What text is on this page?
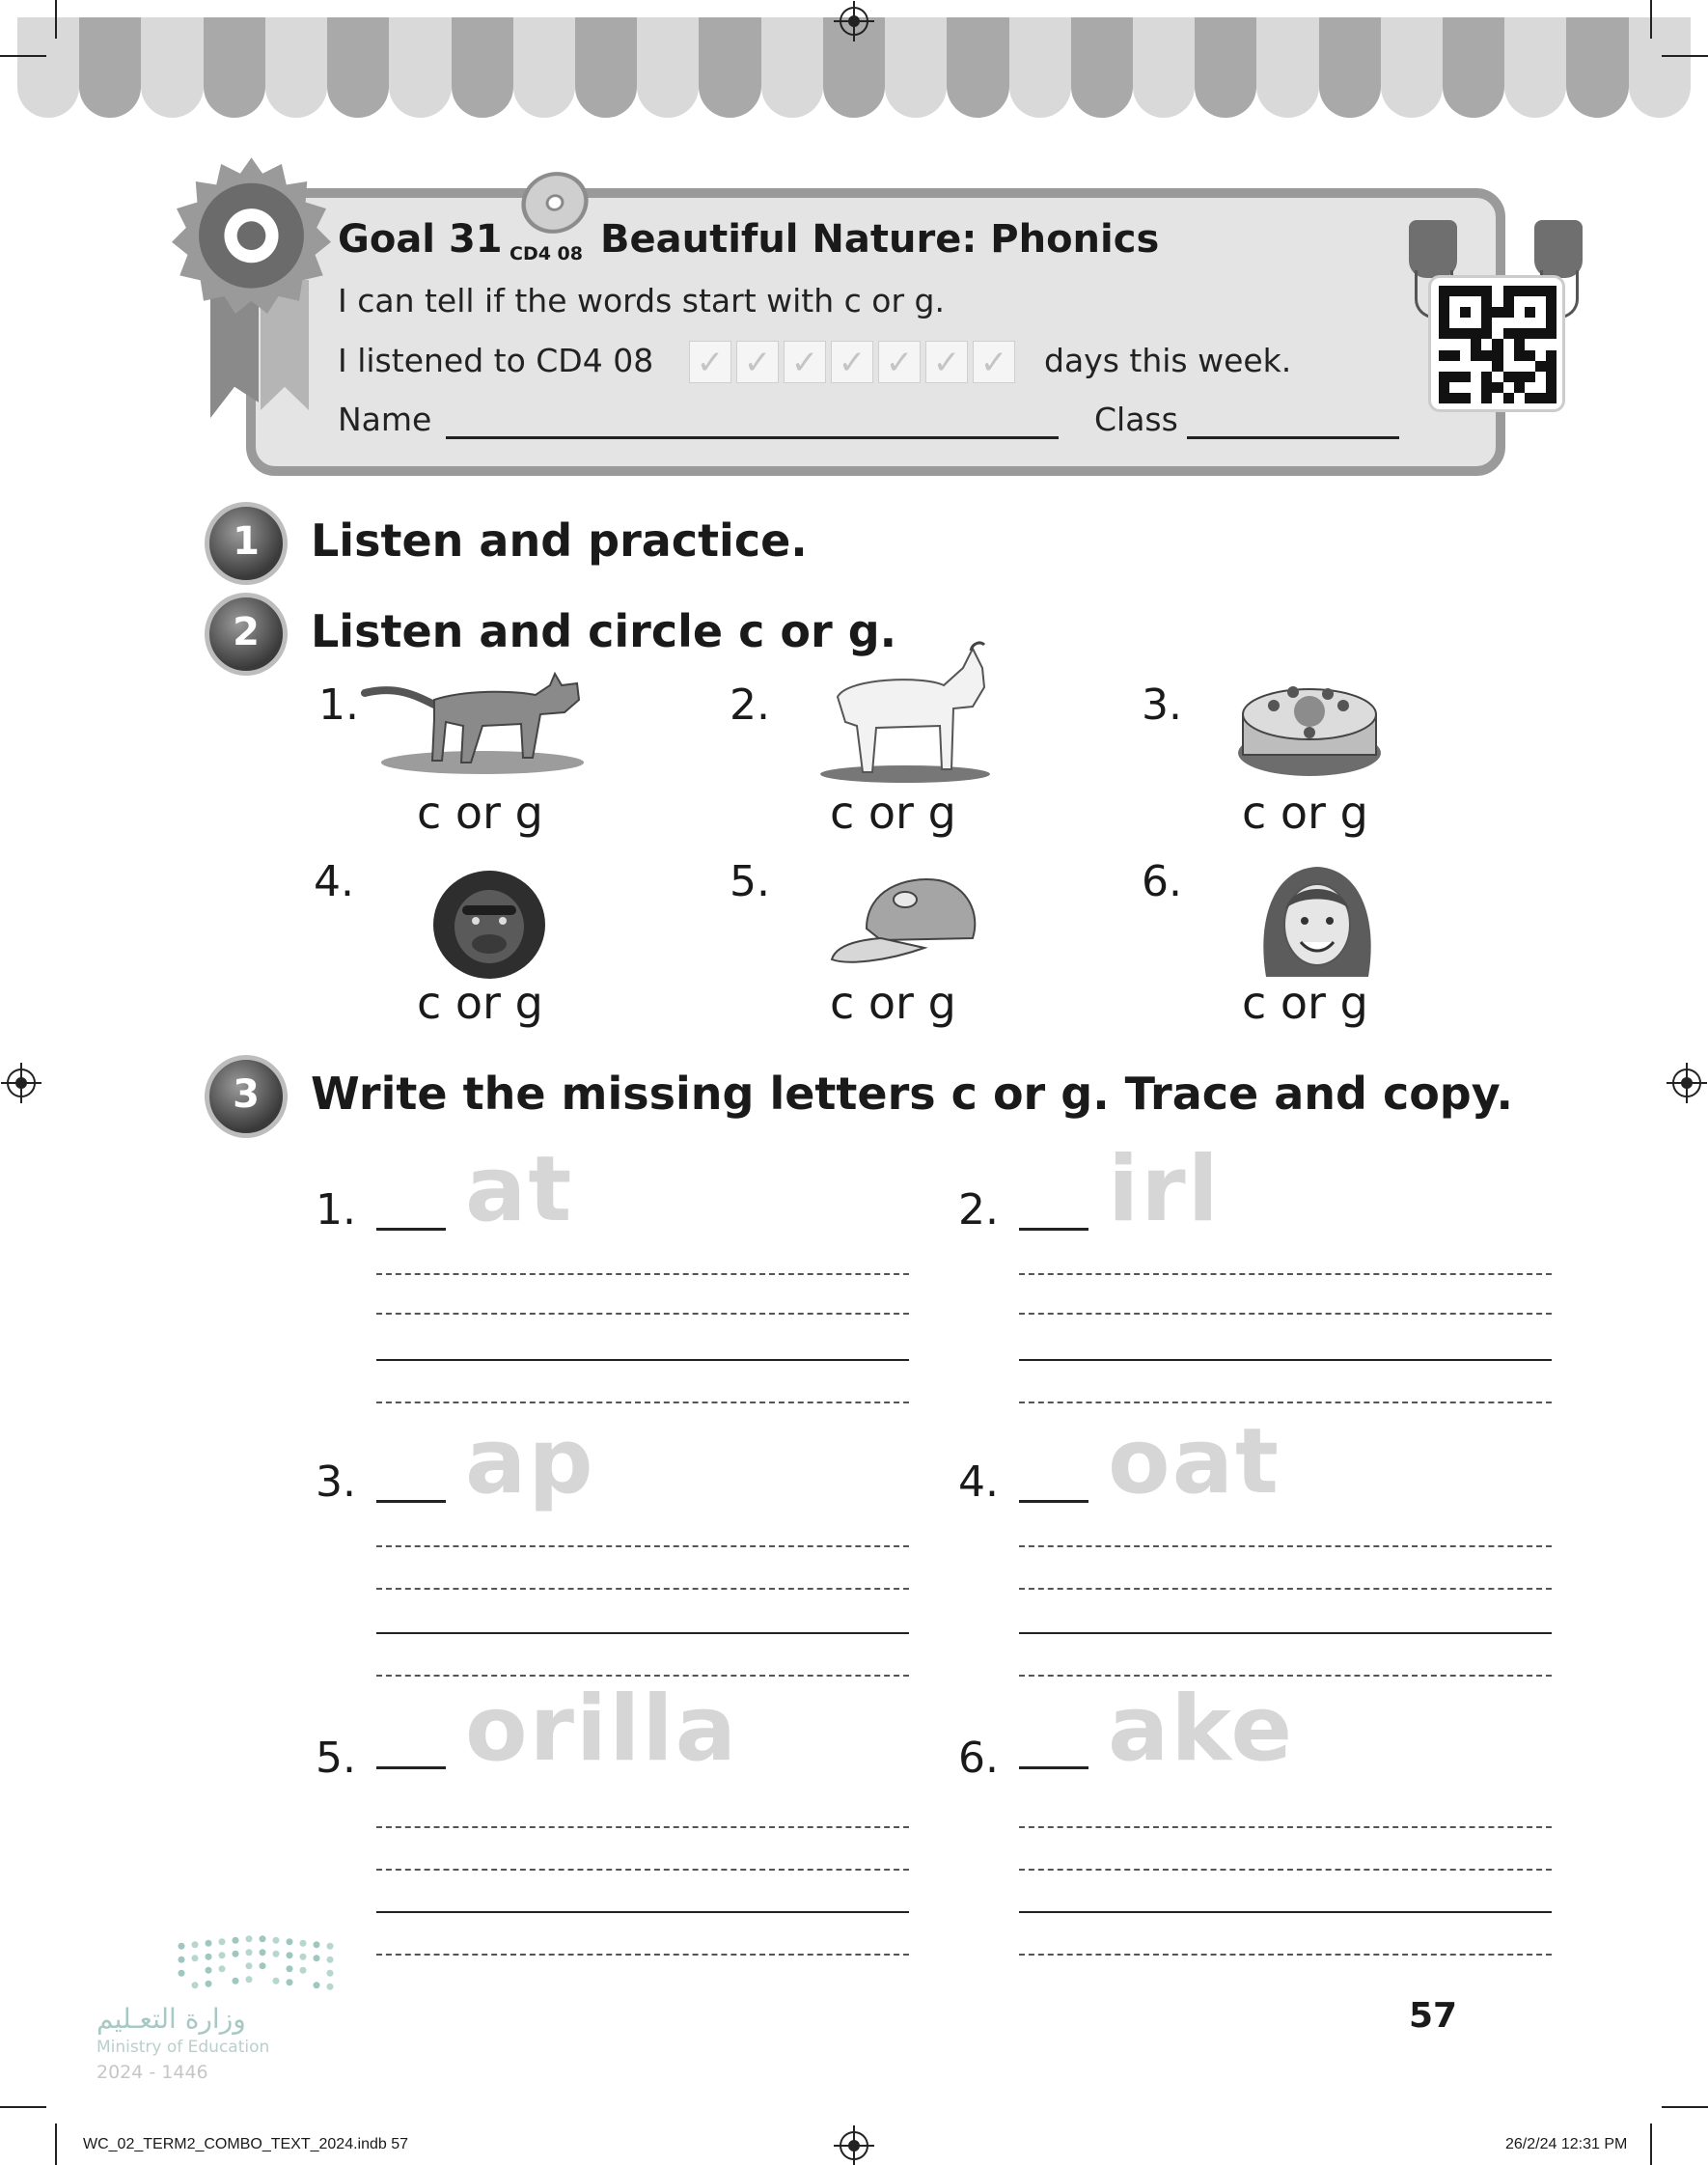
Goal 31 CD4 08 Beautiful Nature: Phonics
I can tell if the words start with c or g.
I listened to CD4 08 ✓ ✓ ✓ ✓ ✓ ✓ ✓ days this week.
Name	Class
1	Listen and practice.
2	Listen and circle c or g.
1.
c or g
2.
c or g
3.
c or g
4.
c or g
5.
c or g
6.
c or g
3	Write the missing letters c or g. Trace and copy.
1. at	2. irl
3. ap	4. oat
5. orilla	6. ake
وزارة التعـليم
Ministry of Education
2024 - 1446
57
WC_02_TERM2_COMBO_TEXT_2024.indb 57	26/2/24 12:31 PM
